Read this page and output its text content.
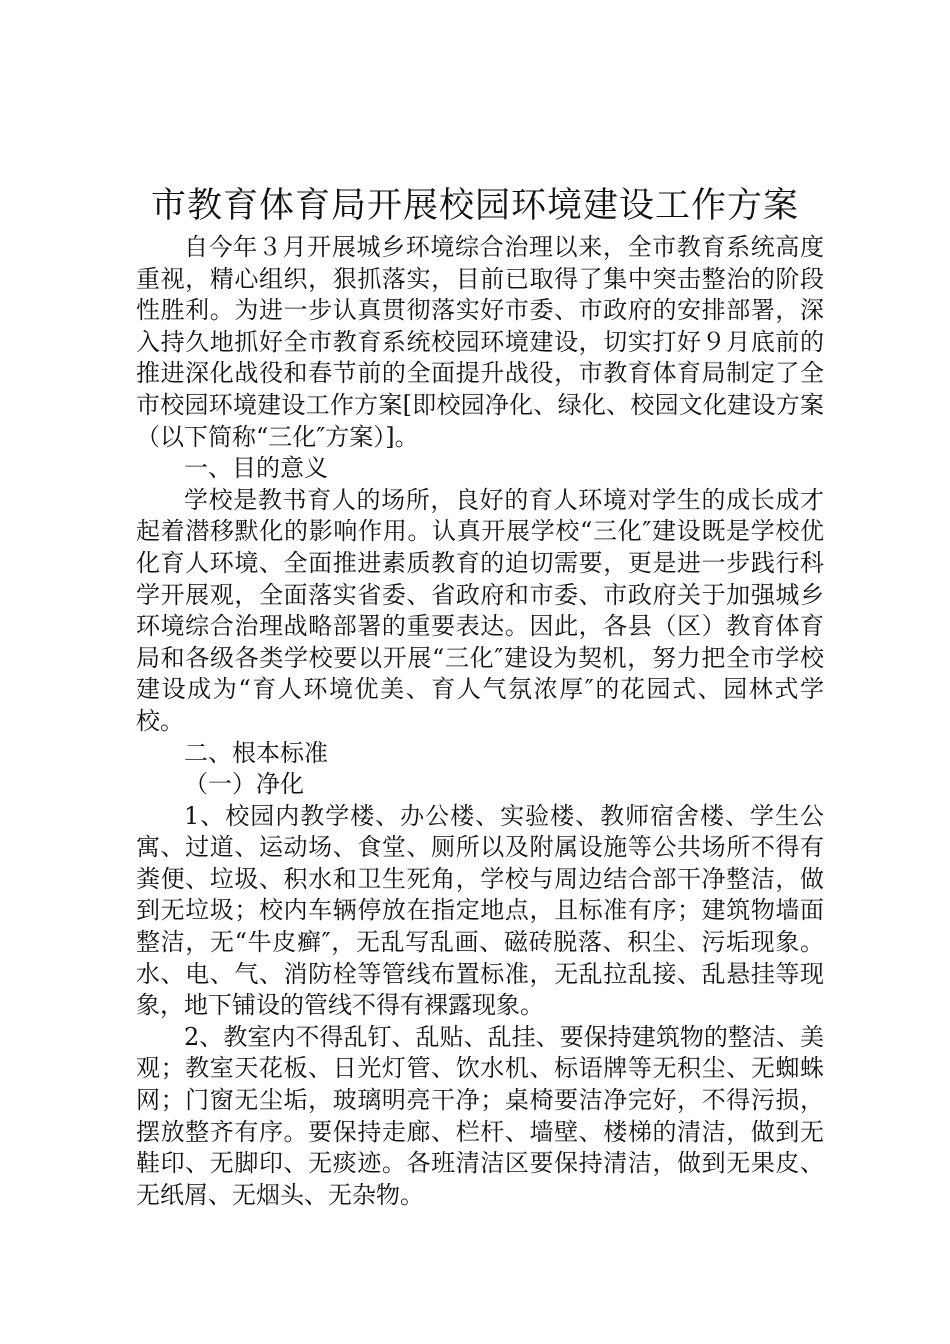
市教育体育局开展校园环境建设工作方案

自今年３月开展城乡环境综合治理以来，全市教育系统高度重视，精心组织，狠抓落实，目前已取得了集中突击整治的阶段性胜利。为进一步认真贯彻落实好市委、市政府的安排部署，深入持久地抓好全市教育系统校园环境建设，切实打好９月底前的推进深化战役和春节前的全面提升战役，市教育体育局制定了全市校园环境建设工作方案[即校园净化、绿化、校园文化建设方案（以下简称“三化″方案）]。

一、目的意义

学校是教书育人的场所，良好的育人环境对学生的成长成才起着潜移默化的影响作用。认真开展学校“三化″建设既是学校优化育人环境、全面推进素质教育的迫切需要，更是进一步践行科学开展观，全面落实省委、省政府和市委、市政府关于加强城乡环境综合治理战略部署的重要表达。因此，各县（区）教育体育局和各级各类学校要以开展“三化″建设为契机，努力把全市学校建设成为“育人环境优美、育人气氛浓厚″的花园式、园林式学校。

二、根本标准

（一）净化

1、校园内教学楼、办公楼、实验楼、教师宿舍楼、学生公寓、过道、运动场、食堂、厕所以及附属设施等公共场所不得有粪便、垃圾、积水和卫生死角，学校与周边结合部干净整洁，做到无垃圾；校内车辆停放在指定地点，且标准有序；建筑物墙面整洁，无“牛皮癣″，无乱写乱画、磁砖脱落、积尘、污垢现象。水、电、气、消防栓等管线布置标准，无乱拉乱接、乱悬挂等现象，地下铺设的管线不得有裸露现象。

2、教室内不得乱钉、乱贴、乱挂、要保持建筑物的整洁、美观；教室天花板、日光灯管、饮水机、标语牌等无积尘、无蜘蛛网；门窗无尘垢，玻璃明亮干净；桌椅要洁净完好，不得污损，摆放整齐有序。要保持走廊、栏杆、墙壁、楼梯的清洁，做到无鞋印、无脚印、无痰迹。各班清洁区要保持清洁，做到无果皮、无纸屑、无烟头、无杂物。
